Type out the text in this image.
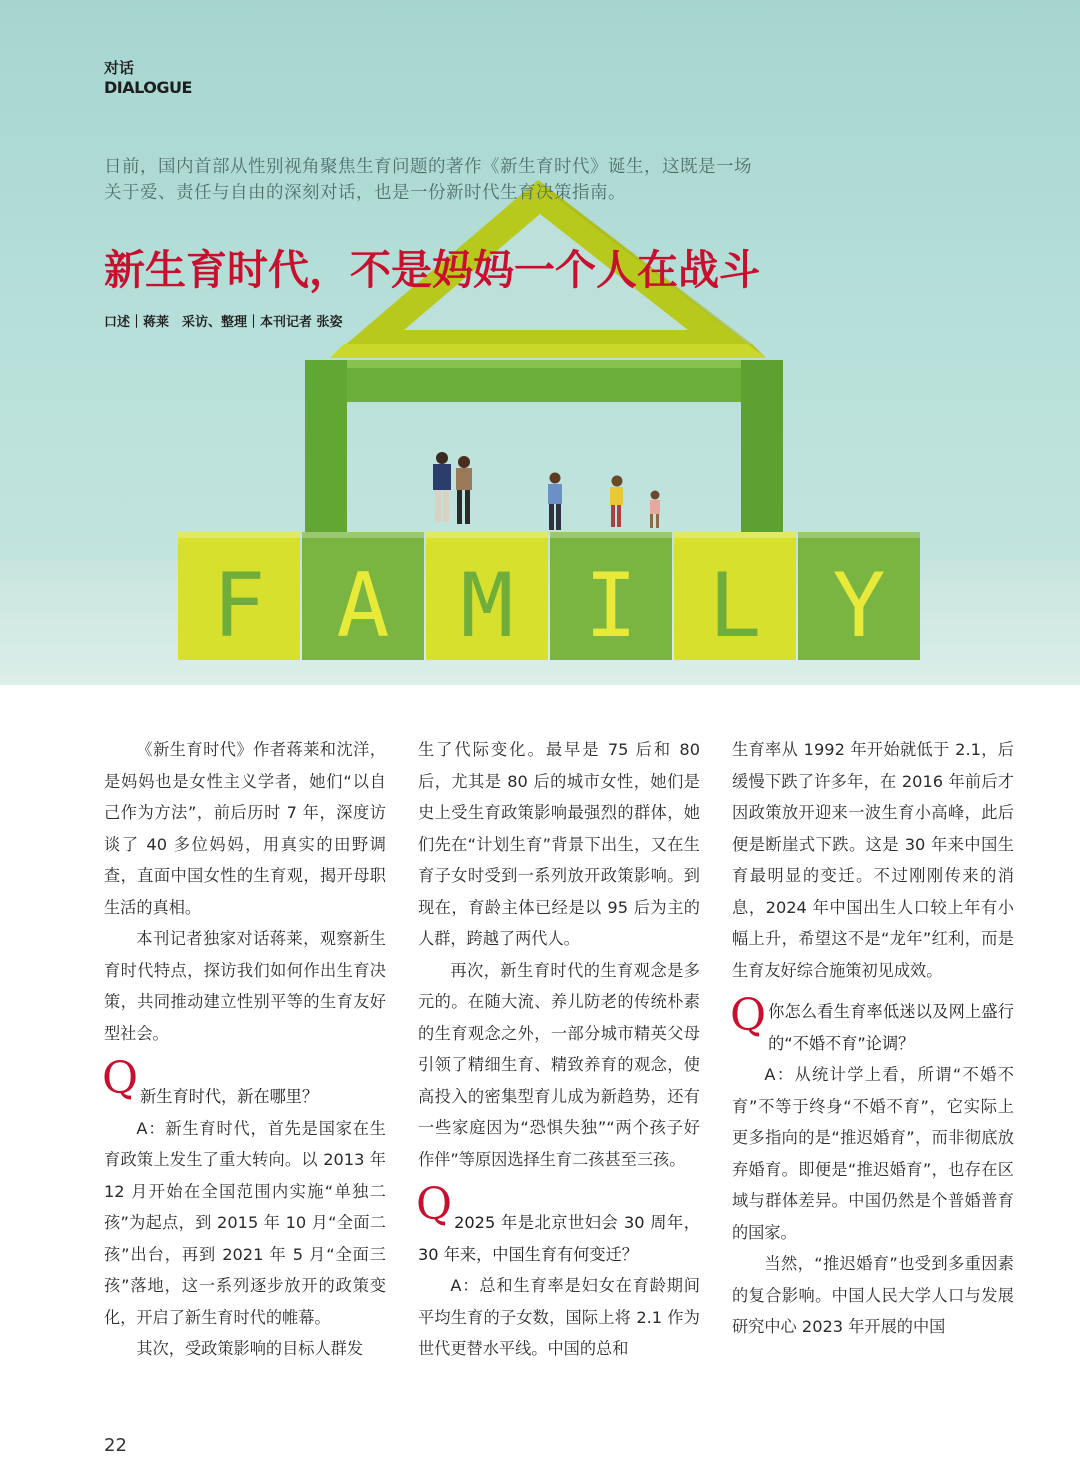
F A M I L Y
对话
DIALOGUE
日前，国内首部从性别视角聚焦生育问题的著作《新生育时代》诞生，这既是一场关于爱、责任与自由的深刻对话，也是一份新时代生育决策指南。
新生育时代，不是妈妈一个人在战斗
口述｜蒋莱　采访、整理｜本刊记者 张姿

《新生育时代》作者蒋莱和沈洋，是妈妈也是女性主义学者，她们“以自己作为方法”，前后历时 7 年，深度访谈了 40 多位妈妈，用真实的田野调查，直面中国女性的生育观，揭开母职生活的真相。

本刊记者独家对话蒋莱，观察新生育时代特点，探访我们如何作出生育决策，共同推动建立性别平等的生育友好型社会。

Q 新生育时代，新在哪里？

A：新生育时代，首先是国家在生育政策上发生了重大转向。以 2013 年 12 月开始在全国范围内实施“单独二孩”为起点，到 2015 年 10 月“全面二孩”出台，再到 2021 年 5 月“全面三孩”落地，这一系列逐步放开的政策变化，开启了新生育时代的帷幕。

其次，受政策影响的目标人群发

生了代际变化。最早是 75 后和 80 后，尤其是 80 后的城市女性，她们是史上受生育政策影响最强烈的群体，她们先在“计划生育”背景下出生，又在生育子女时受到一系列放开政策影响。到现在，育龄主体已经是以 95 后为主的人群，跨越了两代人。

再次，新生育时代的生育观念是多元的。在随大流、养儿防老的传统朴素的生育观念之外，一部分城市精英父母引领了精细生育、精致养育的观念，使高投入的密集型育儿成为新趋势，还有一些家庭因为“恐惧失独”“两个孩子好作伴”等原因选择生育二孩甚至三孩。

Q 2025 年是北京世妇会 30 周年，30 年来，中国生育有何变迁？

A：总和生育率是妇女在育龄期间平均生育的子女数，国际上将 2.1 作为世代更替水平线。中国的总和

生育率从 1992 年开始就低于 2.1，后缓慢下跌了许多年，在 2016 年前后才因政策放开迎来一波生育小高峰，此后便是断崖式下跌。这是 30 年来中国生育最明显的变迁。不过刚刚传来的消息，2024 年中国出生人口较上年有小幅上升，希望这不是“龙年”红利，而是生育友好综合施策初见成效。

Q 你怎么看生育率低迷以及网上盛行的“不婚不育”论调？

A：从统计学上看，所谓“不婚不育”不等于终身“不婚不育”，它实际上更多指向的是“推迟婚育”，而非彻底放弃婚育。即便是“推迟婚育”，也存在区域与群体差异。中国仍然是个普婚普育的国家。

当然，“推迟婚育”也受到多重因素的复合影响。中国人民大学人口与发展研究中心 2023 年开展的中国

22
